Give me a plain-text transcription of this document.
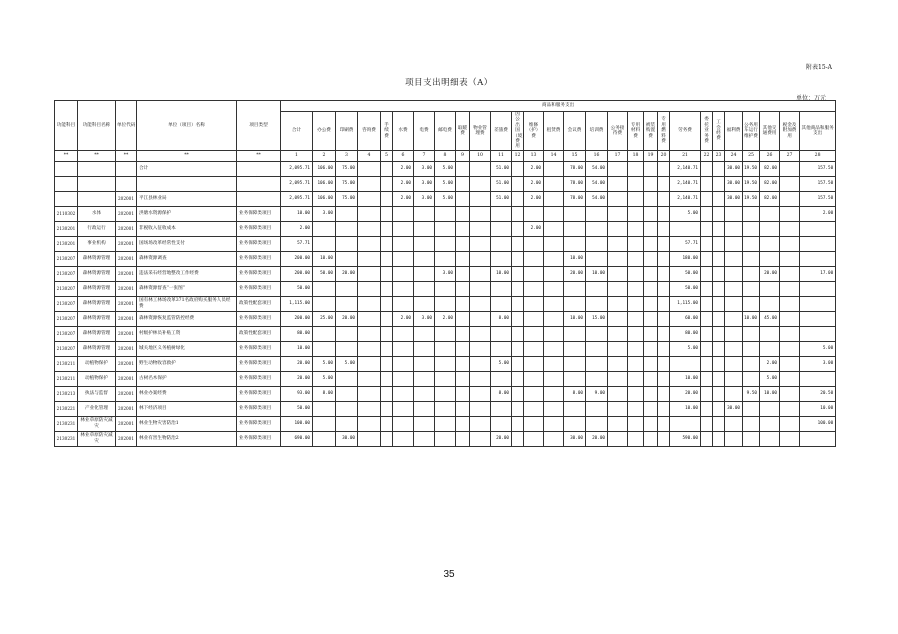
附表15-A
项目支出明细表（A）
单位：万元
功能科目	功能科目名称	单位代码	单位（项目）名称	项目类型	商品和服务支出																											
					合计	办公费	印刷费	咨询费	手续费	水费	电费	邮电费	取暖费	物业管理费	差旅费	因公出国（境）费用	维修（护）费	租赁费	会议费	培训费	公务接待费	专用材料费	被装购置费	专用燃料费	劳务费	委托业务费	工会经费	福利费	公务用车运行维护费	其他交通费用	税金及附加费用	其他商品和服务支出
**	**	**	**	**	1	2	3	4	5	6	7	8	9	10	11	12	13	14	15	16	17	18	19	20	21	22	23	24	25	26	27	28
			合计		2,095.71	106.00	75.00			2.00	3.00	5.00			51.00		2.00		78.00	54.00					2,140.71			30.00	19.50	82.00		157.50
					2,095.71	106.00	75.00			2.00	3.00	5.00			51.00		2.00		78.00	54.00					2,140.71			30.00	19.50	82.00		157.50
		202001	平江县林业局		2,095.71	106.00	75.00			2.00	3.00	5.00			51.00		2.00		78.00	54.00					2,140.71			30.00	19.50	82.00		157.50
2110302	水体	202001	洪塘水资源保护	业务保障类项目	10.00	3.00																			5.00							2.00
2130201	行政运行	202001	非税收入征收成本	业务保障类项目	2.00												2.00															
2130201	事业机构	202001	国场场改革经常性支付	业务保障类项目	57.71																				57.71							
2130207	森林资源管理	202001	森林资源调查	业务保障类项目	200.00	10.00													10.00						180.00							
2130207	森林资源管理	202001	违法采石经营地整改工作经费	业务保障类项目	200.00	50.00	20.00					3.00			10.00				20.00	10.00					50.00					20.00		17.00
2130207	森林资源管理	202001	森林资源督查“一张图”	业务保障类项目	50.00																				50.00							
2130207	森林资源管理	202001	国有林工林场改革371名政府购买服务人员经费	政策性配套项目	1,115.00																				1,115.00							
2130207	森林资源管理	202001	森林资源恢复监管防控经费	业务保障类项目	200.00	25.00	20.00			2.00	3.00	2.00			8.00				10.00	15.00					60.00				10.00	45.00		
2130207	森林资源管理	202001	村级护林员补贴工资	政策性配套项目	80.00																				80.00							
2130207	森林资源管理	202001	城关地区义务植树绿化	业务保障类项目	10.00																				5.00							5.00
2130211	动植物保护	202001	野生动物收容救护	业务保障类项目	20.00	5.00	5.00								5.00															2.00		3.00
2130211	动植物保护	202001	古树名木保护	业务保障类项目	20.00	5.00																			10.00					5.00		
2130213	执法与监督	202001	林业办案经费	业务保障类项目	93.00	8.00									8.00				8.00	9.00					20.00				9.50	10.00		20.50
2130221	产业化管理	202001	林下经济项目	业务保障类项目	50.00																				10.00			30.00				10.00
2130231	林业草原防灾减灾	202001	林业生物灾害防治1	业务保障类项目	100.00																											100.00
2130231	林业草原防灾减灾	202001	林业有害生物防治2	业务保障类项目	690.00		30.00								20.00				30.00	20.00					590.00							
35
